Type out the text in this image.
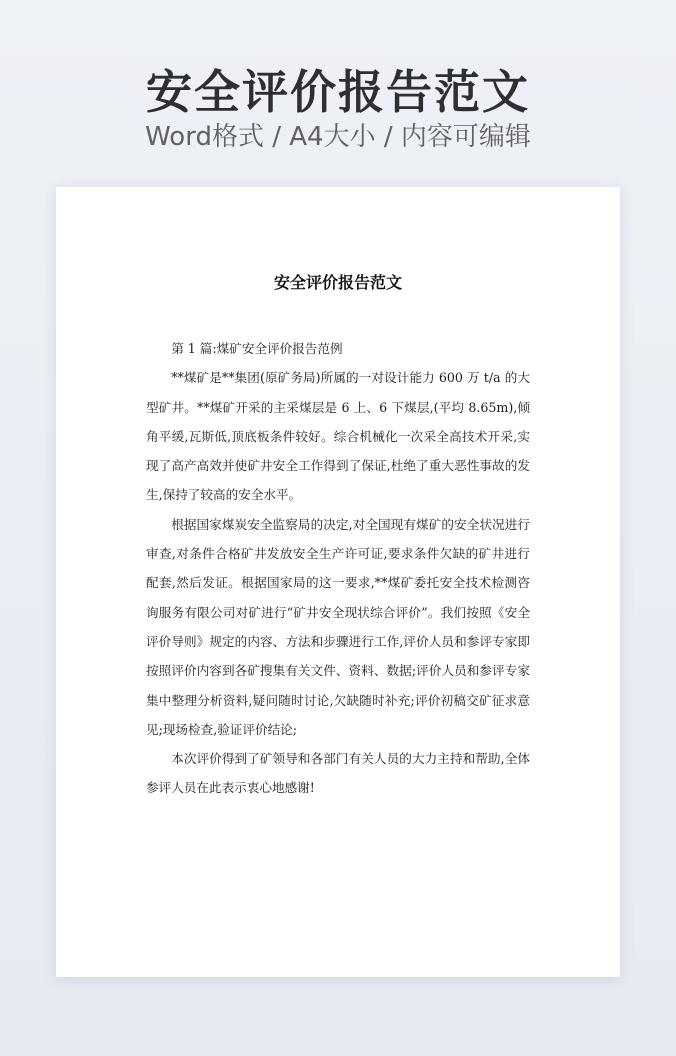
安全评价报告范文
Word格式 / A4大小 / 内容可编辑
安全评价报告范文

第 1 篇:煤矿安全评价报告范例

**煤矿是**集团(原矿务局)所属的一对设计能力 600 万 t/a 的大型矿井。**煤矿开采的主采煤层是 6 上、6 下煤层,(平均 8.65m),倾角平缓,瓦斯低,顶底板条件较好。综合机械化一次采全高技术开采,实现了高产高效并使矿井安全工作得到了保证,杜绝了重大恶性事故的发生,保持了较高的安全水平。

根据国家煤炭安全监察局的决定,对全国现有煤矿的安全状况进行审查,对条件合格矿井发放安全生产许可证,要求条件欠缺的矿井进行配套,然后发证。根据国家局的这一要求,**煤矿委托安全技术检测咨询服务有限公司对矿进行“矿井安全现状综合评价”。我们按照《安全评价导则》规定的内容、方法和步骤进行工作,评价人员和参评专家即按照评价内容到各矿搜集有关文件、资料、数据;评价人员和参评专家集中整理分析资料,疑问随时讨论,欠缺随时补充;评价初稿交矿征求意见;现场检查,验证评价结论;

本次评价得到了矿领导和各部门有关人员的大力主持和帮助,全体参评人员在此表示衷心地感谢!
